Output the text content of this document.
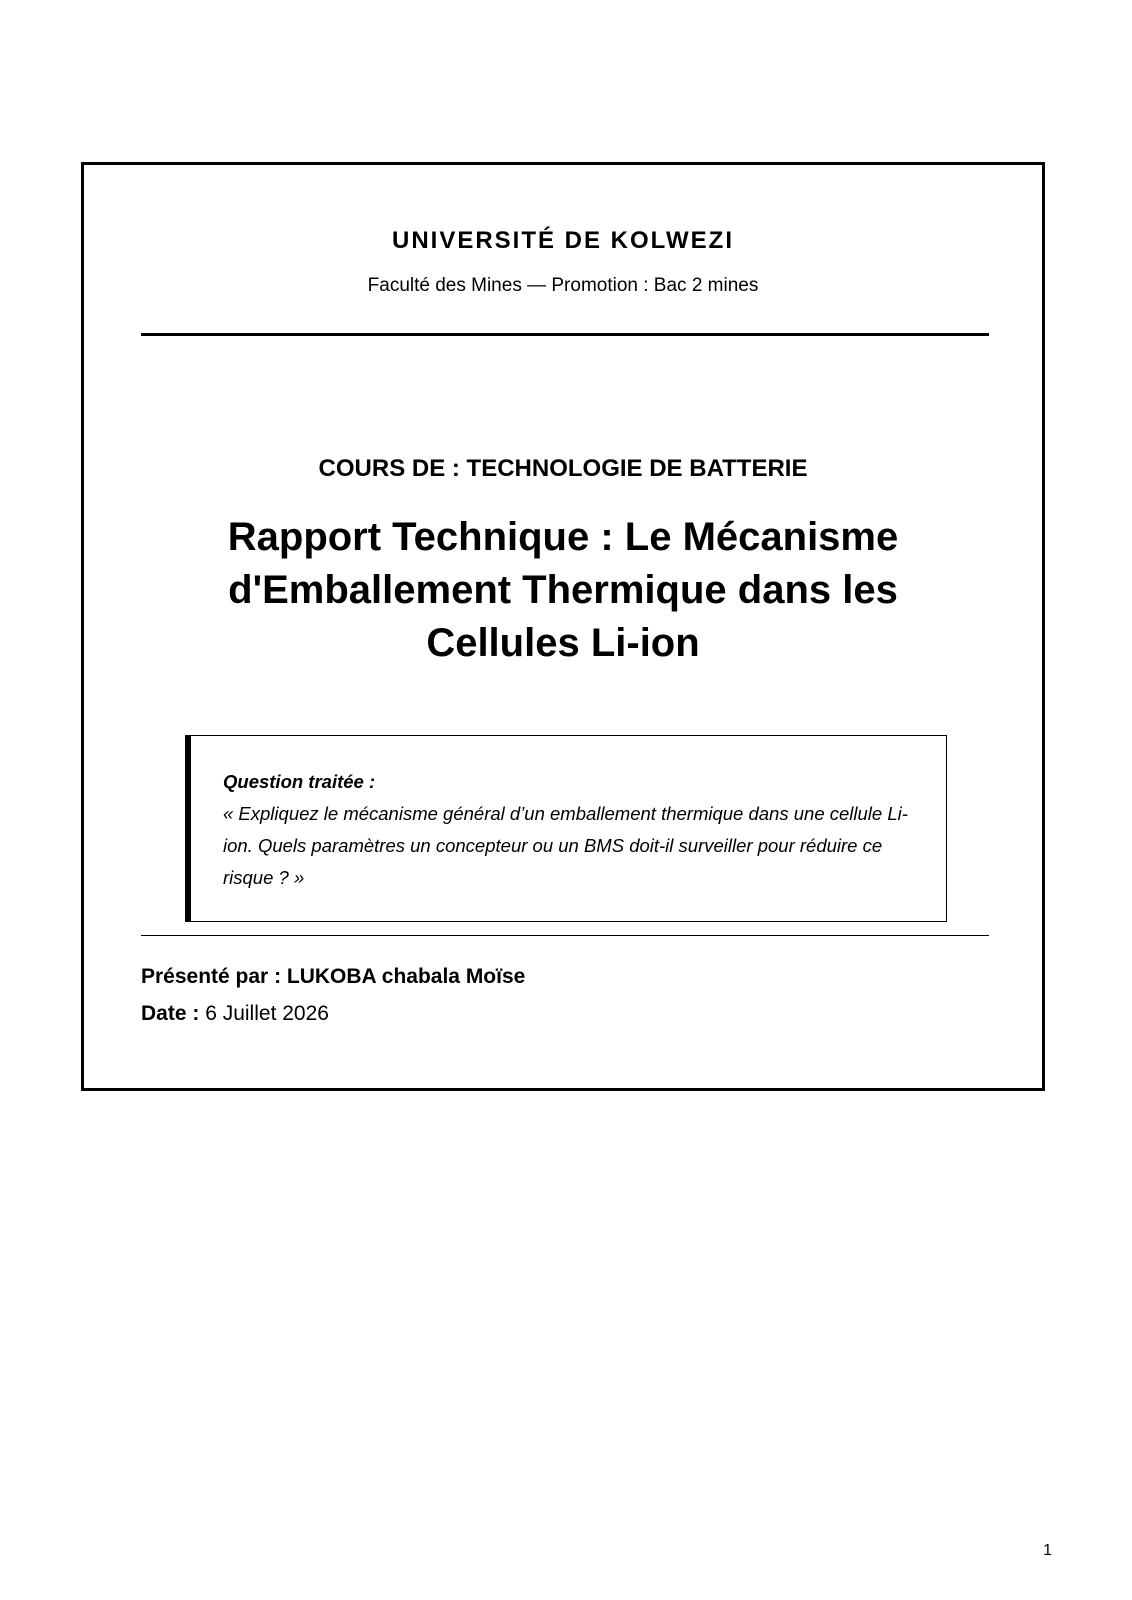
UNIVERSITÉ DE KOLWEZI
Faculté des Mines — Promotion : Bac 2 mines
COURS DE : TECHNOLOGIE DE BATTERIE
Rapport Technique : Le Mécanisme d'Emballement Thermique dans les Cellules Li-ion
Question traitée :
« Expliquez le mécanisme général d’un emballement thermique dans une cellule Li-ion. Quels paramètres un concepteur ou un BMS doit-il surveiller pour réduire ce risque ? »
Présenté par : LUKOBA chabala Moïse
Date : 6 Juillet 2026
1
